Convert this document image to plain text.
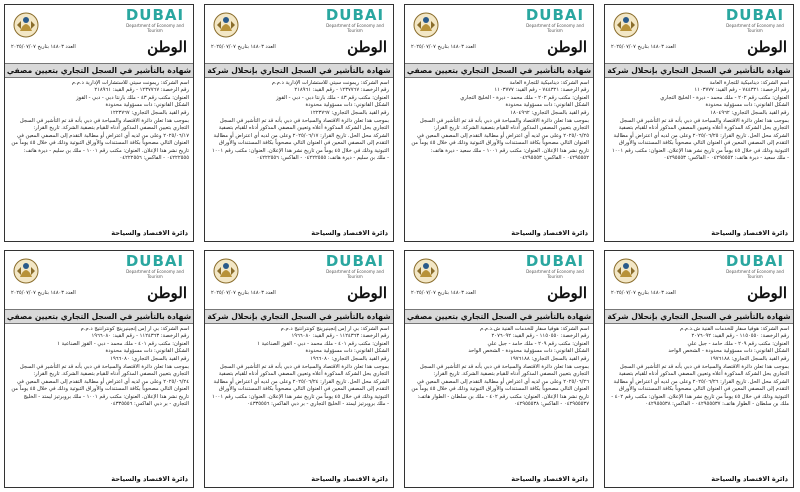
DUBAI
Department of Economy and Tourism
الوطن
العدد ١٤٨٠٣ بتاريخ ٢٠٢٥/٠٧/٠٧
شهادة بالتأشير في السجل التجاري بإنحلال شركة
اسم الشركة: ديناميكية للتجارة العامة
رقم الرخصة: ٧٤٤٣٢١ - رقم القيد: ١١٠٣٧٧٧
العنوان: مكتب رقم ٢٠٢ - ملك محمد - ديرة - الخليج التجاري
الشكل القانوني: ذات مسؤولية محدودة
رقم القيد بالسجل التجاري: ١٨٠٤٩٦٢
بموجب هذا تعلن دائرة الاقتصاد والسياحة في دبي بأنه قد تم التأشير في السجل التجاري بحل الشركة المذكورة أعلاه وتعيين المصفي المذكور أدناه للقيام بتصفية الشركة محل الحل. تاريخ القرار: ٢٠٢٥/٠٦/٢٥ وعلى من لديه أي اعتراض أو مطالبة التقدم إلى المصفي المعين في العنوان التالي مصحوباً بكافة المستندات والأوراق الثبوتية وذلك في خلال ٤٥ يوماً من تاريخ نشر هذا الإعلان. العنوان: مكتب رقم ١٠٠١ - ملك سعيد - ديرة هاتف: ٠٤٢٩٥٥٥٢ - الفاكس: ٠٤٢٩٥٥٥٣
دائرة الاقتصاد والسياحة
DUBAI
Department of Economy and Tourism
الوطن
العدد ١٤٨٠٣ بتاريخ ٢٠٢٥/٠٧/٠٧
شهادة بالتأشير في السجل التجاري بتعيين مصفي
اسم الشركة: ديناميكية للتجارة العامة
رقم الرخصة: ٧٤٤٣٢١ - رقم القيد: ١١٠٣٧٧٧
العنوان: مكتب رقم ٢٠٢ - ملك محمد - ديرة - الخليج التجاري
الشكل القانوني: ذات مسؤولية محدودة
رقم القيد بالسجل التجاري: ١٨٠٤٩٦٢
بموجب هذا تعلن دائرة الاقتصاد والسياحة في دبي بأنه قد تم التأشير في السجل التجاري بتعيين المصفي المذكور أدناه للقيام بتصفية الشركة. تاريخ القرار: ٢٠٢٥/٠٦/٢٥ وعلى من لديه أي اعتراض أو مطالبة التقدم إلى المصفي المعين في العنوان التالي مصحوباً بكافة المستندات والأوراق الثبوتية وذلك في خلال ٤٥ يوماً من تاريخ نشر هذا الإعلان. العنوان: مكتب رقم ١٠٠١ - ملك سعيد - ديرة هاتف: ٠٤٢٩٥٥٥٢ - الفاكس: ٠٤٢٩٥٥٥٣
دائرة الاقتصاد والسياحة
DUBAI
Department of Economy and Tourism
الوطن
العدد ١٤٨٠٣ بتاريخ ٢٠٢٥/٠٧/٠٧
شهادة بالتأشير في السجل التجاري بإنحلال شركة
اسم الشركة: ريمونت سيتي للاستشارات الإدارية ذ.م.م
رقم الرخصة: ١٢٣٧٧٦٧ - رقم القيد: ٢١٨٩٦١
العنوان: مكتب رقم ٤٣ - ملك بارنتا دبي - دبي - القوز
الشكل القانوني: ذات مسؤولية محدودة
رقم القيد بالسجل التجاري: ١٢٢٣٧٦٧
بموجب هذا تعلن دائرة الاقتصاد والسياحة في دبي بأنه قد تم التأشير في السجل التجاري بحل الشركة المذكورة أعلاه وتعيين المصفي المذكور أدناه للقيام بتصفية الشركة محل الحل. تاريخ القرار: ٢٠٢٥/٠٦/١٧ وعلى من لديه أي اعتراض أو مطالبة التقدم إلى المصفي المعين في العنوان التالي مصحوباً بكافة المستندات والأوراق الثبوتية وذلك في خلال ٤٥ يوماً من تاريخ نشر هذا الإعلان. العنوان: مكتب رقم ١٠٠١ - ملك بن سليم - ديرة هاتف: ٠٤٢٢٢٥٥٥ - الفاكس: ٠٤٢٢٢٥٥٦
دائرة الاقتصاد والسياحة
DUBAI
Department of Economy and Tourism
الوطن
العدد ١٤٨٠٣ بتاريخ ٢٠٢٥/٠٧/٠٧
شهادة بالتأشير في السجل التجاري بتعيين مصفي
اسم الشركة: ريمونت سيتي للاستشارات الإدارية ذ.م.م
رقم الرخصة: ١٢٣٧٧٦٧ - رقم القيد: ٢١٨٩٦١
العنوان: مكتب رقم ٤٣ - ملك بارنتا دبي - دبي - القوز
الشكل القانوني: ذات مسؤولية محدودة
رقم القيد بالسجل التجاري: ١٢٢٣٧٦٧
بموجب هذا تعلن دائرة الاقتصاد والسياحة في دبي بأنه قد تم التأشير في السجل التجاري بتعيين المصفي المذكور أدناه للقيام بتصفية الشركة. تاريخ القرار: ٢٠٢٥/٠٦/١٧ وعلى من لديه أي اعتراض أو مطالبة التقدم إلى المصفي المعين في العنوان التالي مصحوباً بكافة المستندات والأوراق الثبوتية وذلك في خلال ٤٥ يوماً من تاريخ نشر هذا الإعلان. العنوان: مكتب رقم ١٠٠١ - ملك بن سليم - ديرة هاتف: ٠٤٢٢٢٥٥٥ - الفاكس: ٠٤٢٢٢٥٥٦
دائرة الاقتصاد والسياحة
DUBAI
Department of Economy and Tourism
الوطن
العدد ١٤٨٠٣ بتاريخ ٢٠٢٥/٠٧/٠٧
شهادة بالتأشير في السجل التجاري بإنحلال شركة
اسم الشركة: هوفيا سفار للخدمات الفنية ش.ذ.م.م
رقم الرخصة: ١١٥٠٥٥٠ - رقم القيد: ٢٠٧٦٠٩٢
العنوان: مكتب رقم ٢٠٩ - ملك حامد - جبل علي
الشكل القانوني: ذات مسؤولية محدودة - الشخص الواحد
رقم القيد بالسجل التجاري: ١٩٧٦١٨٨
بموجب هذا تعلن دائرة الاقتصاد والسياحة في دبي بأنه قد تم التأشير في السجل التجاري بحل الشركة المذكورة أعلاه وتعيين المصفي المذكور أدناه للقيام بتصفية الشركة محل الحل. تاريخ القرار: ٢٠٢٥/٠٦/٢٦ وعلى من لديه أي اعتراض أو مطالبة التقدم إلى المصفي المعين في العنوان التالي مصحوباً بكافة المستندات والأوراق الثبوتية وذلك في خلال ٤٥ يوماً من تاريخ نشر هذا الإعلان. العنوان: مكتب رقم ٤٠٢ - ملك بن سلطان - الطوار هاتف: ٠٤٢٩٥٥٥٣٧ - الفاكس: ٠٤٢٩٥٥٥٣٨
دائرة الاقتصاد والسياحة
DUBAI
Department of Economy and Tourism
الوطن
العدد ١٤٨٠٣ بتاريخ ٢٠٢٥/٠٧/٠٧
شهادة بالتأشير في السجل التجاري بتعيين مصفي
اسم الشركة: هوفيا سفار للخدمات الفنية ش.ذ.م.م
رقم الرخصة: ١١٥٠٥٥٠ - رقم القيد: ٢٠٧٦٠٩٢
العنوان: مكتب رقم ٢٠٩ - ملك حامد - جبل علي
الشكل القانوني: ذات مسؤولية محدودة - الشخص الواحد
رقم القيد بالسجل التجاري: ١٩٧٦١٨٨
بموجب هذا تعلن دائرة الاقتصاد والسياحة في دبي بأنه قد تم التأشير في السجل التجاري بتعيين المصفي المذكور أدناه للقيام بتصفية الشركة. تاريخ القرار: ٢٠٢٥/٠٦/٢٦ وعلى من لديه أي اعتراض أو مطالبة التقدم إلى المصفي المعين في العنوان التالي مصحوباً بكافة المستندات والأوراق الثبوتية وذلك في خلال ٤٥ يوماً من تاريخ نشر هذا الإعلان. العنوان: مكتب رقم ٤٠٢ - ملك بن سلطان - الطوار هاتف: ٠٤٢٩٥٥٥٣٧ - الفاكس: ٠٤٢٩٥٥٥٣٨
دائرة الاقتصاد والسياحة
DUBAI
Department of Economy and Tourism
الوطن
العدد ١٤٨٠٣ بتاريخ ٢٠٢٥/٠٧/٠٧
شهادة بالتأشير في السجل التجاري بإنحلال شركة
اسم الشركة: بي آر إس إنجينيرينج كونترانتيج ذ.م.م
رقم الرخصة: ١١٢٤٣٦٣ - رقم القيد: ١٩٦٦٠٨٠
العنوان: مكتب رقم ٤٠١ - ملك محمد - دبي - القوز الصناعية ١
الشكل القانوني: ذات مسؤولية محدودة
رقم القيد بالسجل التجاري: ١٩٦٦٠٨٠
بموجب هذا تعلن دائرة الاقتصاد والسياحة في دبي بأنه قد تم التأشير في السجل التجاري بحل الشركة المذكورة أعلاه وتعيين المصفي المذكور أدناه للقيام بتصفية الشركة محل الحل. تاريخ القرار: ٢٠٢٥/٠٦/٢٤ وعلى من لديه أي اعتراض أو مطالبة التقدم إلى المصفي المعين في العنوان التالي مصحوباً بكافة المستندات والأوراق الثبوتية وذلك في خلال ٤٥ يوماً من تاريخ نشر هذا الإعلان. العنوان: مكتب رقم ١٠٠١ - ملك بروبرتيز ليمتد - الخليج التجاري - بر دبي الفاكس: ٠٤٣٣٥٥٥٦
دائرة الاقتصاد والسياحة
DUBAI
Department of Economy and Tourism
الوطن
العدد ١٤٨٠٣ بتاريخ ٢٠٢٥/٠٧/٠٧
شهادة بالتأشير في السجل التجاري بتعيين مصفي
اسم الشركة: بي آر إس إنجينيرينج كونترانتيج ذ.م.م
رقم الرخصة: ١١٢٤٣٦٣ - رقم القيد: ١٩٦٦٠٨٠
العنوان: مكتب رقم ٤٠١ - ملك محمد - دبي - القوز الصناعية ١
الشكل القانوني: ذات مسؤولية محدودة
رقم القيد بالسجل التجاري: ١٩٦٦٠٨٠
بموجب هذا تعلن دائرة الاقتصاد والسياحة في دبي بأنه قد تم التأشير في السجل التجاري بتعيين المصفي المذكور أدناه للقيام بتصفية الشركة. تاريخ القرار: ٢٠٢٥/٠٦/٢٤ وعلى من لديه أي اعتراض أو مطالبة التقدم إلى المصفي المعين في العنوان التالي مصحوباً بكافة المستندات والأوراق الثبوتية وذلك في خلال ٤٥ يوماً من تاريخ نشر هذا الإعلان. العنوان: مكتب رقم ١٠٠١ - ملك بروبرتيز ليمتد - الخليج التجاري - بر دبي الفاكس: ٠٤٣٣٥٥٥٦
دائرة الاقتصاد والسياحة
